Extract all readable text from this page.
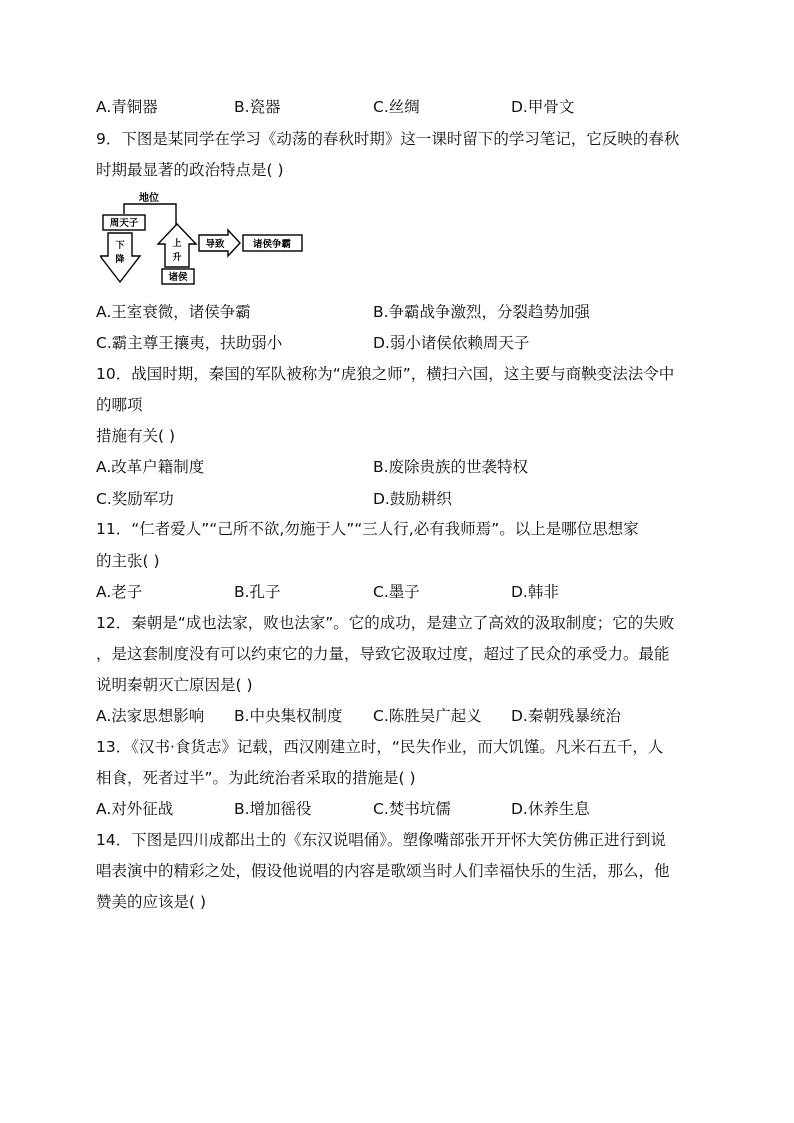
A.青铜器	B.瓷器	C.丝绸	D.甲骨文
9．下图是某同学在学习《动荡的春秋时期》这一课时留下的学习笔记，它反映的春秋
时期最显著的政治特点是( )
地位
周天子
下
降
上
升
诸侯
导致	诸侯争霸
A.王室衰微，诸侯争霸	B.争霸战争激烈，分裂趋势加强
C.霸主尊王攘夷，扶助弱小	D.弱小诸侯依赖周天子
10．战国时期，秦国的军队被称为“虎狼之师”，横扫六国，这主要与商鞅变法法令中
的哪项
措施有关( )
A.改革户籍制度	B.废除贵族的世袭特权
C.奖励军功	D.鼓励耕织
11．“仁者爱人”“己所不欲,勿施于人”“三人行,必有我师焉”。以上是哪位思想家
的主张( )
A.老子	B.孔子	C.墨子	D.韩非
12．秦朝是“成也法家，败也法家”。它的成功，是建立了高效的汲取制度；它的失败
，是这套制度没有可以约束它的力量，导致它汲取过度，超过了民众的承受力。最能
说明秦朝灭亡原因是( )
A.法家思想影响 B.中央集权制度 C.陈胜吴广起义 D.秦朝残暴统治
13．《汉书·食货志》记载，西汉刚建立时，“民失作业，而大饥馑。凡米石五千，人
相食，死者过半”。为此统治者采取的措施是( )
A.对外征战	B.增加徭役	C.焚书坑儒	D.休养生息
14．下图是四川成都出土的《东汉说唱俑》。塑像嘴部张开开怀大笑仿佛正进行到说
唱表演中的精彩之处，假设他说唱的内容是歌颂当时人们幸福快乐的生活，那么，他
赞美的应该是( )
